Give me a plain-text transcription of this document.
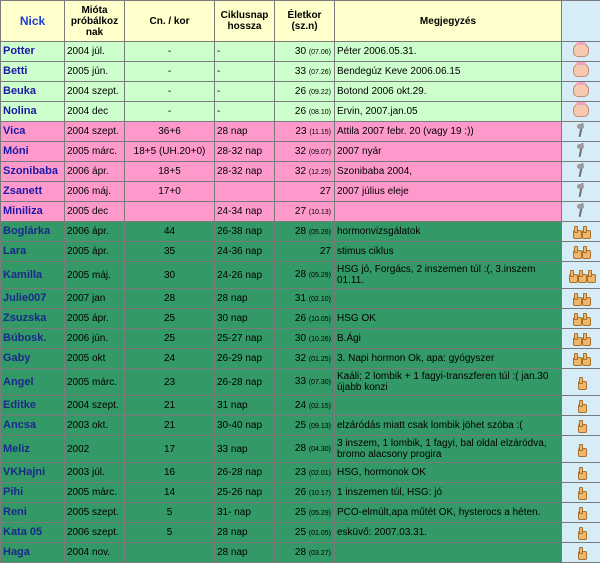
Nick	Mióta próbálkoz nak	Cn. / kor	Ciklusnap hossza	Életkor (sz.n)	Megjegyzés	
Potter	2004 júl.	-	-	30 (07.06)	Péter 2006.05.31.	
Betti	2005 jún.	-	-	33 (07.26)	Bendegúz Keve 2006.06.15	
Beuka	2004 szept.	-	-	26 (09.22)	Botond 2006 okt.29.	
Nolina	2004 dec	-	-	26 (08.10)	Ervin, 2007.jan.05	
Vica	2004 szept.	36+6	28 nap	23 (11.15)	Attila 2007 febr. 20 (vagy 19 :))	
Móni	2005 márc.	18+5 (UH.20+0)	28-32 nap	32 (09.07)	2007 nyár	
Szonibaba	2006 ápr.	18+5	28-32 nap	32 (12.25)	Szonibaba 2004,	
Zsanett	2006 máj.	17+0		27	2007 július eleje	
Miniliza	2005 dec		24-34 nap	27 (10.13)		
Boglárka	2006 ápr.	44	26-38 nap	28 (05.26)	hormonvizsgálatok	
Lara	2005 ápr.	35	24-36 nap	27	stimus ciklus	
Kamilla	2005 máj.	30	24-26 nap	28 (05.29)	HSG jó, Forgács, 2 inszemen túl :(, 3.inszem 01.11.	
Julie007	2007 jan	28	28 nap	31 (02.10)		
Zsuzska	2005 ápr.	25	30 nap	26 (10.05)	HSG OK	
Búbosk.	2006 jún.	25	25-27 nap	30 (10.26)	B.Ági	
Gaby	2005 okt	24	26-29 nap	32 (01.25)	3. Napi hormon Ok, apa: gyógyszer	
Angel	2005 márc.	23	26-28 nap	33 (07.30)	Kaáli; 2 lombik + 1 fagyi-transzferen túl :( jan.30 újabb konzi	
Editke	2004 szept.	21	31 nap	24 (02.15)		
Ancsa	2003 okt.	21	30-40 nap	25 (09.13)	elzáródás miatt csak lombik jöhet szóba :(	
Meliz	2002	17	33 nap	28 (04.30)	3 inszem, 1 lombik, 1 fagyi, bal oldal elzáródva, bromo alacsony progira	
VKHajni	2003 júl.	16	26-28 nap	23 (02.01)	HSG, hormonok OK	
Pihi	2005 márc.	14	25-26 nap	26 (10.17)	1 inszemen túl, HSG: jó	
Reni	2005 szept.	5	31- nap	25 (05.29)	PCO-elmúlt,apa műtét OK, hysterocs a héten.	
Kata 05	2006 szept.	5	28 nap	25 (01.05)	esküvő: 2007.03.31.	
Haga	2004 nov.		28 nap	28 (03.27)		
